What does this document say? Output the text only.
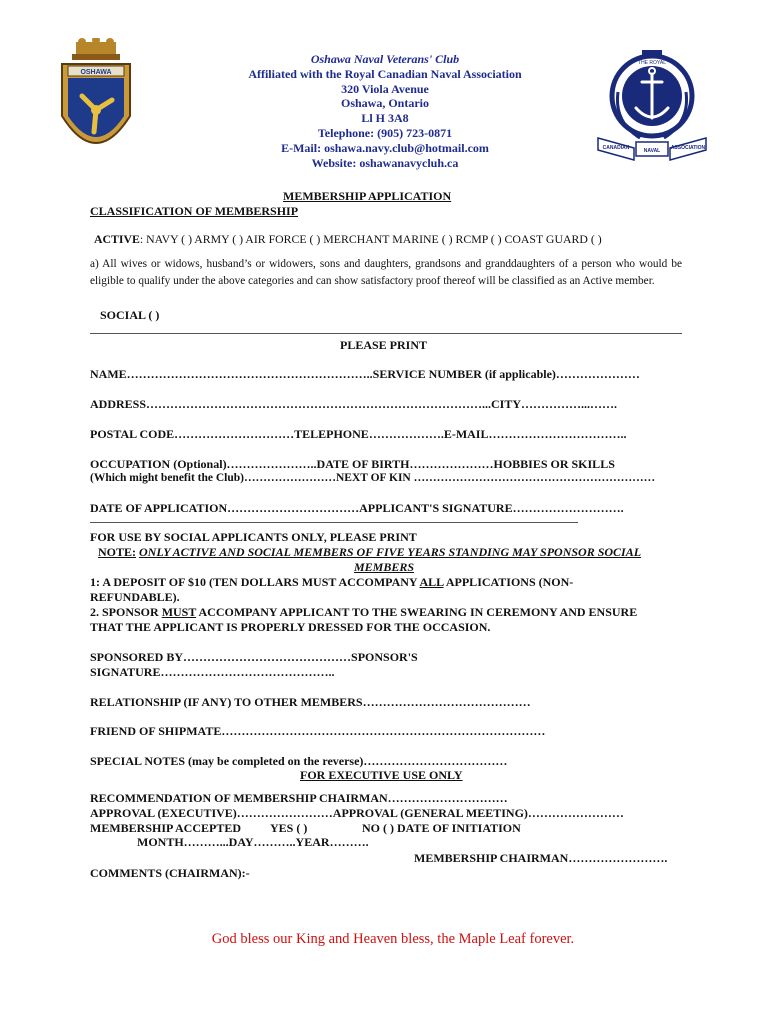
OSHAWA
THE ROYAL
CANADIAN	NAVAL ASSOCIATION
Oshawa Naval Veterans' Club
Affiliated with the Royal Canadian Naval Association
320 Viola Avenue
Oshawa, Ontario
Ll H 3A8
Telephone: (905) 723-0871
E-Mail: oshawa.navy.club@hotmail.com
Website: oshawanavycluh.ca
MEMBERSHIP APPLICATION
CLASSIFICATION OF MEMBERSHIP
ACTIVE: NAVY ( ) ARMY ( ) AIR FORCE ( ) MERCHANT MARINE ( ) RCMP ( ) COAST GUARD ( )
a) All wives or widows, husband’s or widowers, sons and daughters, grandsons and granddaughters of a person who would be eligible to qualify under the above categories and can show satisfactory proof thereof will be classified as an Active member.
SOCIAL ( )
PLEASE PRINT
NAME……………………………………………………..SERVICE NUMBER (if applicable)…………………
ADDRESS…………………………………………………………………………...CITY……………...…….
POSTAL CODE…………………………TELEPHONE……………….E-MAIL……………………………..
OCCUPATION (Optional)…………………..DATE OF BIRTH…………………HOBBIES OR SKILLS
(Which might benefit the Club)……………………NEXT OF KIN ………………………………………………………
DATE OF APPLICATION……………………………APPLICANT'S SIGNATURE……………………….
FOR USE BY SOCIAL APPLICANTS ONLY, PLEASE PRINT
NOTE: ONLY ACTIVE AND SOCIAL MEMBERS OF FIVE YEARS STANDING MAY SPONSOR SOCIAL
MEMBERS
1: A DEPOSIT OF $10 (TEN DOLLARS MUST ACCOMPANY ALL APPLICATIONS (NON-
REFUNDABLE).
2. SPONSOR MUST ACCOMPANY APPLICANT TO THE SWEARING IN CEREMONY AND ENSURE
THAT THE APPLICANT IS PROPERLY DRESSED FOR THE OCCASION.
SPONSORED BY……………………………………SPONSOR'S
SIGNATURE……………………………………..
RELATIONSHIP (IF ANY) TO OTHER MEMBERS……………………………………
FRIEND OF SHIPMATE………………………………………………………………………
SPECIAL NOTES (may be completed on the reverse)………………………………
FOR EXECUTIVE USE ONLY
RECOMMENDATION OF MEMBERSHIP CHAIRMAN…………………………
APPROVAL (EXECUTIVE)……………………APPROVAL (GENERAL MEETING)……………………
MEMBERSHIP ACCEPTED YES ( )	NO ( ) DATE OF INITIATION
MONTH………...DAY………..YEAR……….
MEMBERSHIP CHAIRMAN…………………….
COMMENTS (CHAIRMAN):-
God bless our King and Heaven bless, the Maple Leaf forever.
